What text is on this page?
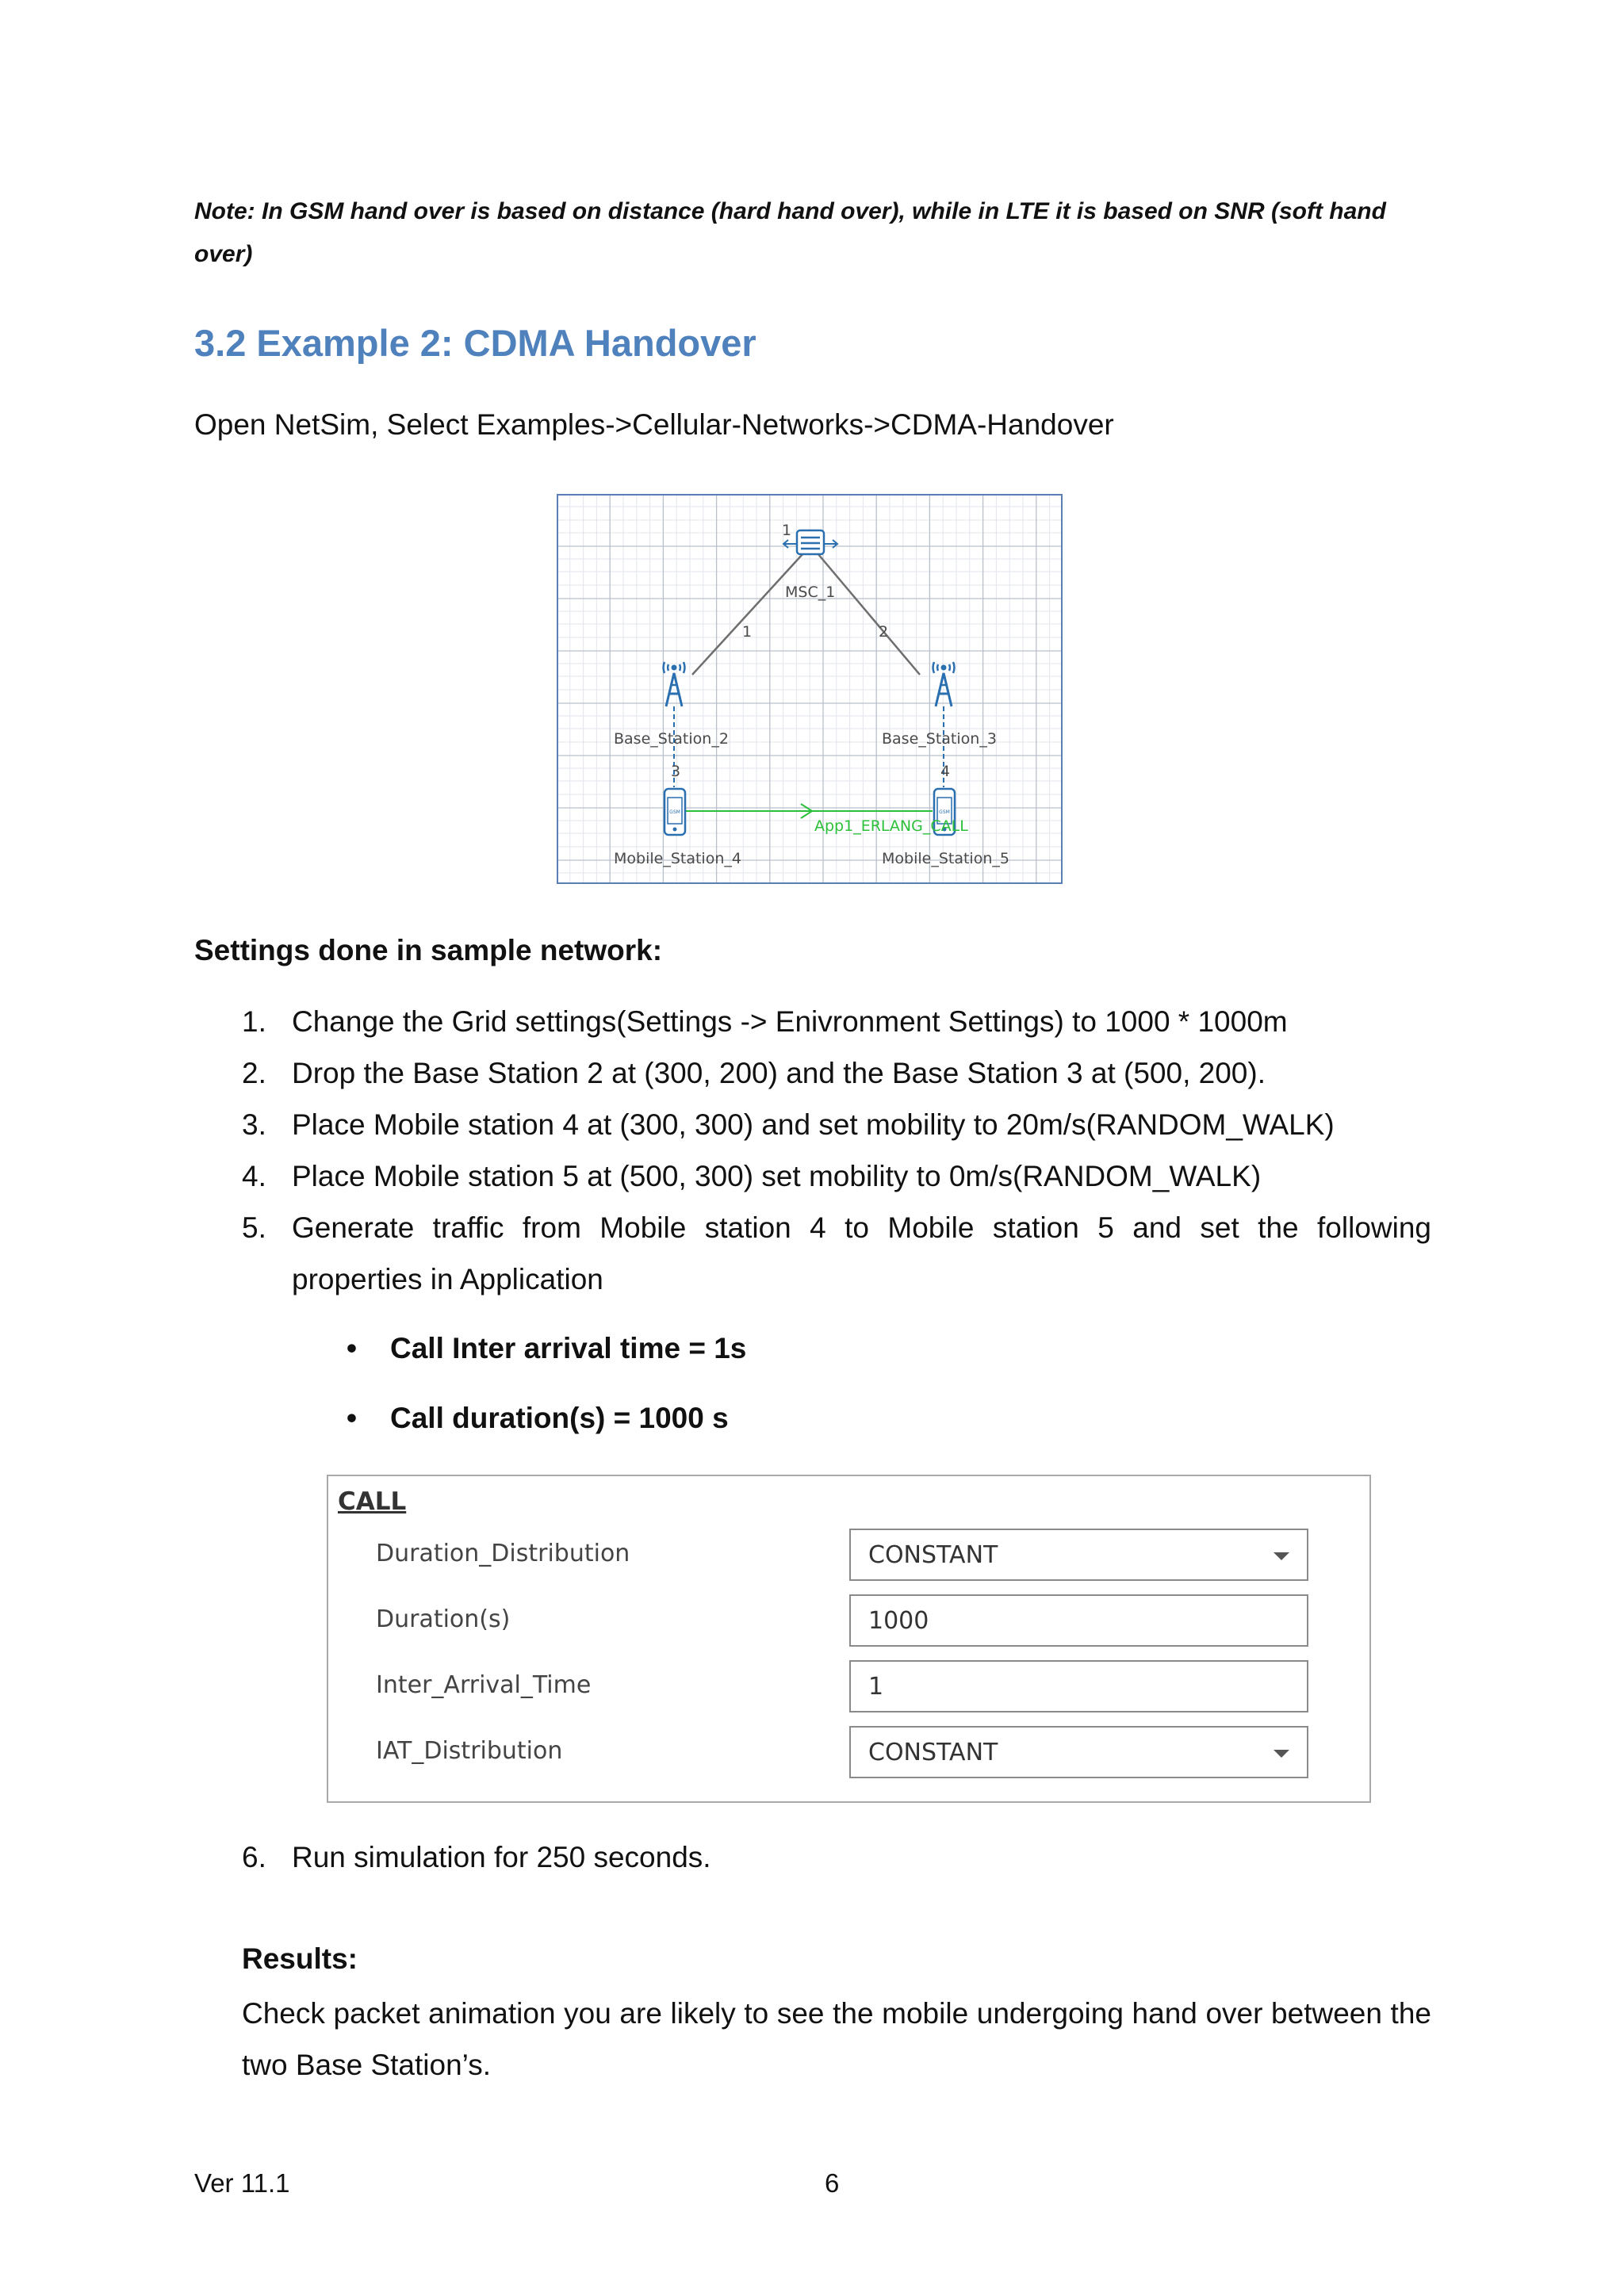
Note: In GSM hand over is based on distance (hard hand over), while in LTE it is based on SNR (soft hand over)
3.2 Example 2: CDMA Handover
Open NetSim, Select Examples->Cellular-Networks->CDMA-Handover
GSM	GSM
1
MSC_1
1	2
Base_Station_2	Base_Station_3
3	4
Mobile_Station_4	Mobile_Station_5
App1_ERLANG_CALL
Settings done in sample network:
1. Change the Grid settings(Settings -> Enivronment Settings) to 1000 * 1000m
2. Drop the Base Station 2 at (300, 200) and the Base Station 3 at (500, 200).
3. Place Mobile station 4 at (300, 300) and set mobility to 20m/s(RANDOM_WALK)
4. Place Mobile station 5 at (500, 300) set mobility to 0m/s(RANDOM_WALK)
5. Generate traffic from Mobile station 4 to Mobile station 5 and set the following properties in Application
• Call Inter arrival time = 1s
• Call duration(s) = 1000 s
CALL
Duration_Distribution	CONSTANT
Duration(s)	1000
Inter_Arrival_Time	1
IAT_Distribution	CONSTANT
6. Run simulation for 250 seconds.
Results:
Check packet animation you are likely to see the mobile undergoing hand over between the two Base Station’s.
Ver 11.1	6
